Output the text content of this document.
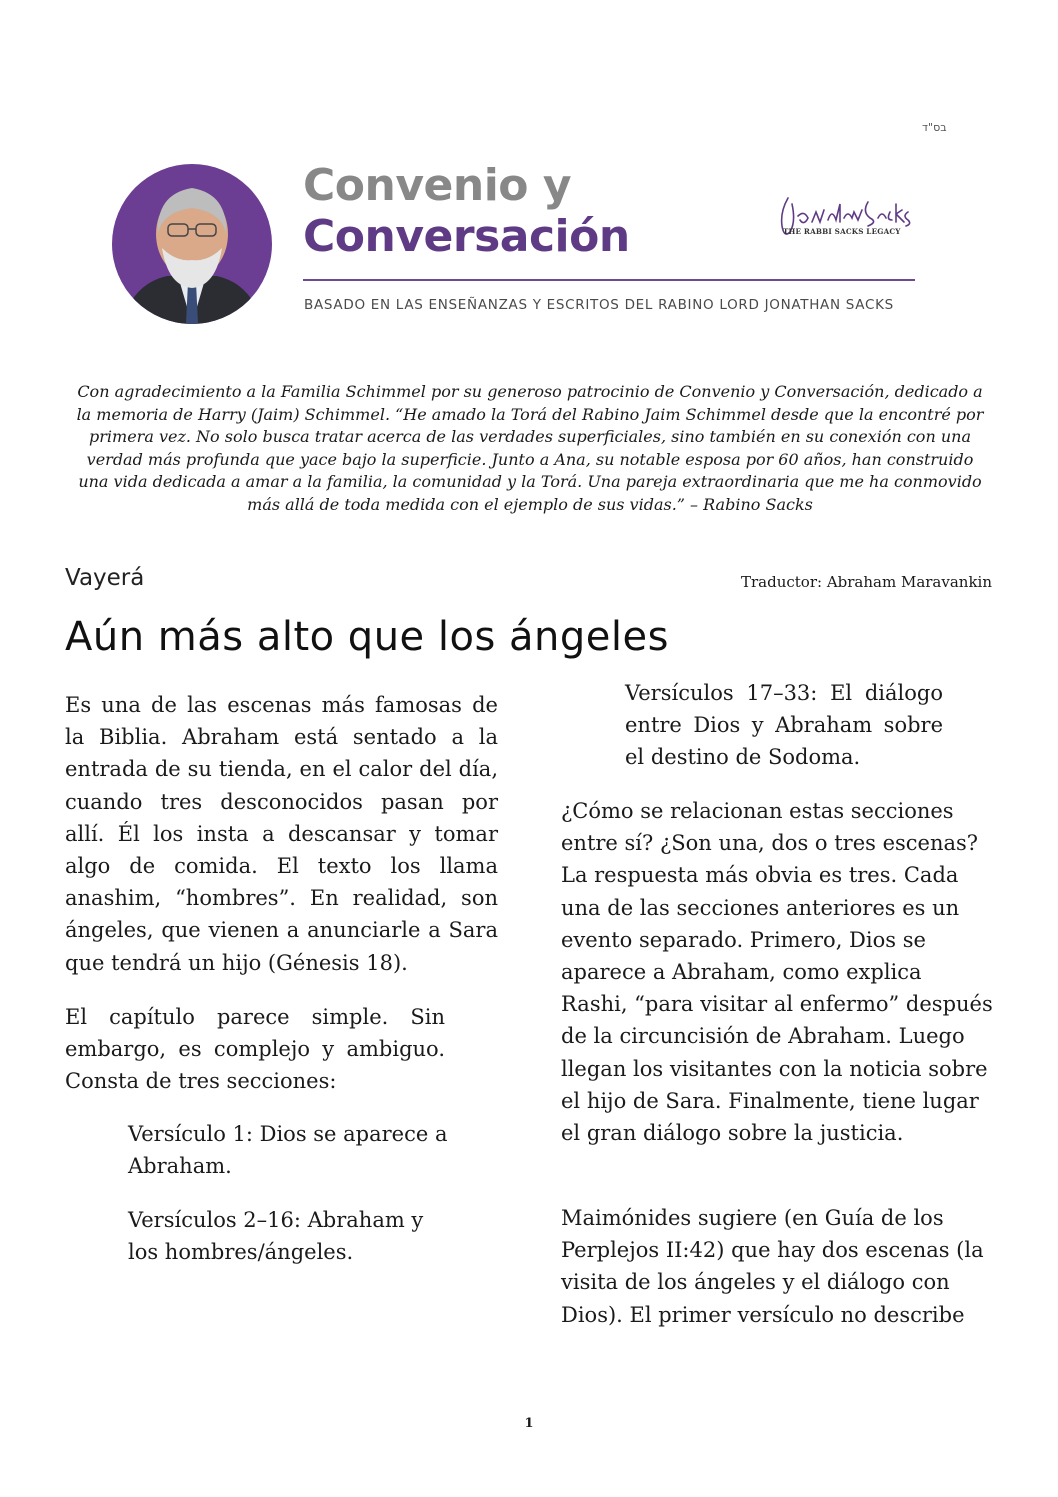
בס"ד
Convenio y
Conversación	THE RABBI SACKS LEGACY
BASADO EN LAS ENSEÑANZAS Y ESCRITOS DEL RABINO LORD JONATHAN SACKS
Con agradecimiento a la Familia Schimmel por su generoso patrocinio de Convenio y Conversación, dedicado a la memoria de Harry (Jaim) Schimmel. “He amado la Torá del Rabino Jaim Schimmel desde que la encontré por primera vez. No solo busca tratar acerca de las verdades superficiales, sino también en su conexión con una verdad más profunda que yace bajo la superficie. Junto a Ana, su notable esposa por 60 años, han construido una vida dedicada a amar a la familia, la comunidad y la Torá. Una pareja extraordinaria que me ha conmovido más allá de toda medida con el ejemplo de sus vidas.” – Rabino Sacks
Vayerá	Traductor: Abraham Maravankin
Aún más alto que los ángeles

Es una de las escenas más famosas de la Biblia. Abraham está sentado a la entrada de su tienda, en el calor del día, cuando tres desconocidos pasan por allí. Él los insta a descansar y tomar algo de comida. El texto los llama anashim, “hombres”. En realidad, son ángeles, que vienen a anunciarle a Sara que tendrá un hijo (Génesis 18).

El capítulo parece simple. Sin embargo, es complejo y ambiguo. Consta de tres secciones:

Versículo 1: Dios se aparece a Abraham.

Versículos 2–16: Abraham y los hombres/ángeles.

Versículos 17–33: El diálogo entre Dios y Abraham sobre el destino de Sodoma.

¿Cómo se relacionan estas secciones entre sí? ¿Son una, dos o tres escenas? La respuesta más obvia es tres. Cada una de las secciones anteriores es un evento separado. Primero, Dios se aparece a Abraham, como explica Rashi, “para visitar al enfermo” después de la circuncisión de Abraham. Luego llegan los visitantes con la noticia sobre el hijo de Sara. Finalmente, tiene lugar el gran diálogo sobre la justicia.

Maimónides sugiere (en Guía de los Perplejos II:42) que hay dos escenas (la visita de los ángeles y el diálogo con Dios). El primer versículo no describe

1
